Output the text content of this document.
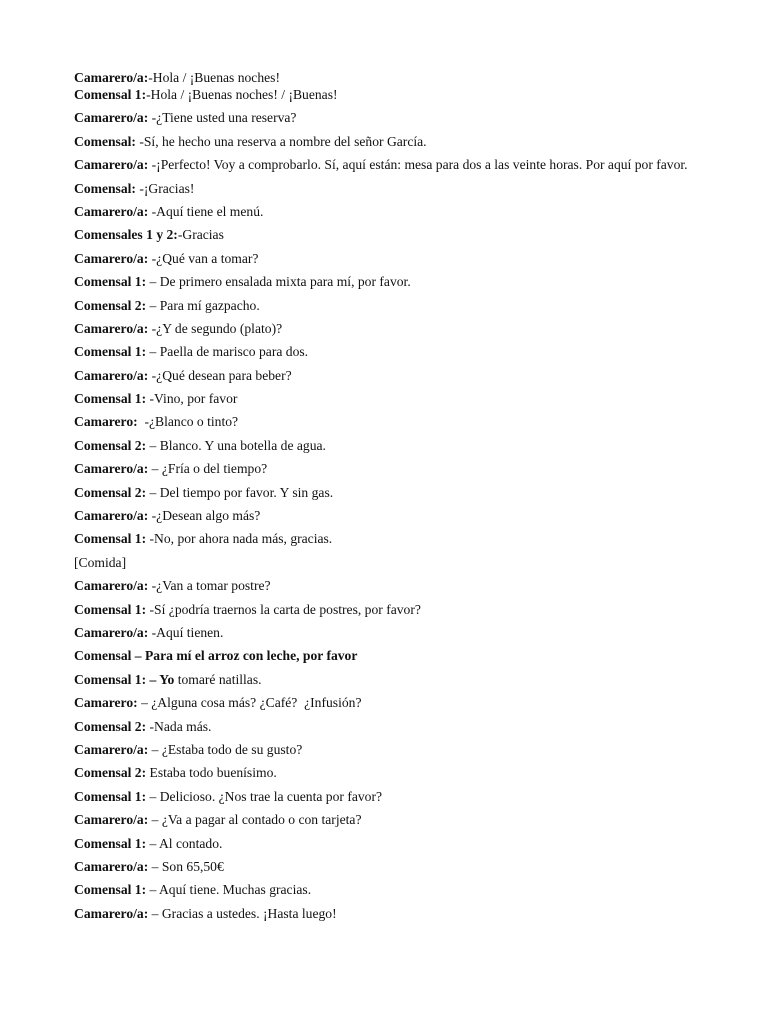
Camarero/a:-Hola / ¡Buenas noches!

Comensal 1:-Hola / ¡Buenas noches! / ¡Buenas!

Camarero/a: -¿Tiene usted una reserva?

Comensal: -Sí, he hecho una reserva a nombre del señor García.

Camarero/a: -¡Perfecto! Voy a comprobarlo. Sí, aquí están: mesa para dos a las veinte horas. Por aquí por favor.

Comensal: -¡Gracias!

Camarero/a: -Aquí tiene el menú.

Comensales 1 y 2:-Gracias

Camarero/a: -¿Qué van a tomar?

Comensal 1: – De primero ensalada mixta para mí, por favor.

Comensal 2: – Para mí gazpacho.

Camarero/a: -¿Y de segundo (plato)?

Comensal 1: – Paella de marisco para dos.

Camarero/a: -¿Qué desean para beber?

Comensal 1: -Vino, por favor

Camarero:  -¿Blanco o tinto?

Comensal 2: – Blanco. Y una botella de agua.

Camarero/a: – ¿Fría o del tiempo?

Comensal 2: – Del tiempo por favor. Y sin gas.

Camarero/a: -¿Desean algo más?

Comensal 1: -No, por ahora nada más, gracias.

[Comida]

Camarero/a: -¿Van a tomar postre?

Comensal 1: -Sí ¿podría traernos la carta de postres, por favor?

Camarero/a: -Aquí tienen.

Comensal – Para mí el arroz con leche, por favor

Comensal 1: – Yo tomaré natillas.

Camarero: – ¿Alguna cosa más? ¿Café?  ¿Infusión?

Comensal 2: -Nada más.

Camarero/a: – ¿Estaba todo de su gusto?

Comensal 2: Estaba todo buenísimo.

Comensal 1: – Delicioso. ¿Nos trae la cuenta por favor?

Camarero/a: – ¿Va a pagar al contado o con tarjeta?

Comensal 1: – Al contado.

Camarero/a: – Son 65,50€

Comensal 1: – Aquí tiene. Muchas gracias.

Camarero/a: – Gracias a ustedes. ¡Hasta luego!
